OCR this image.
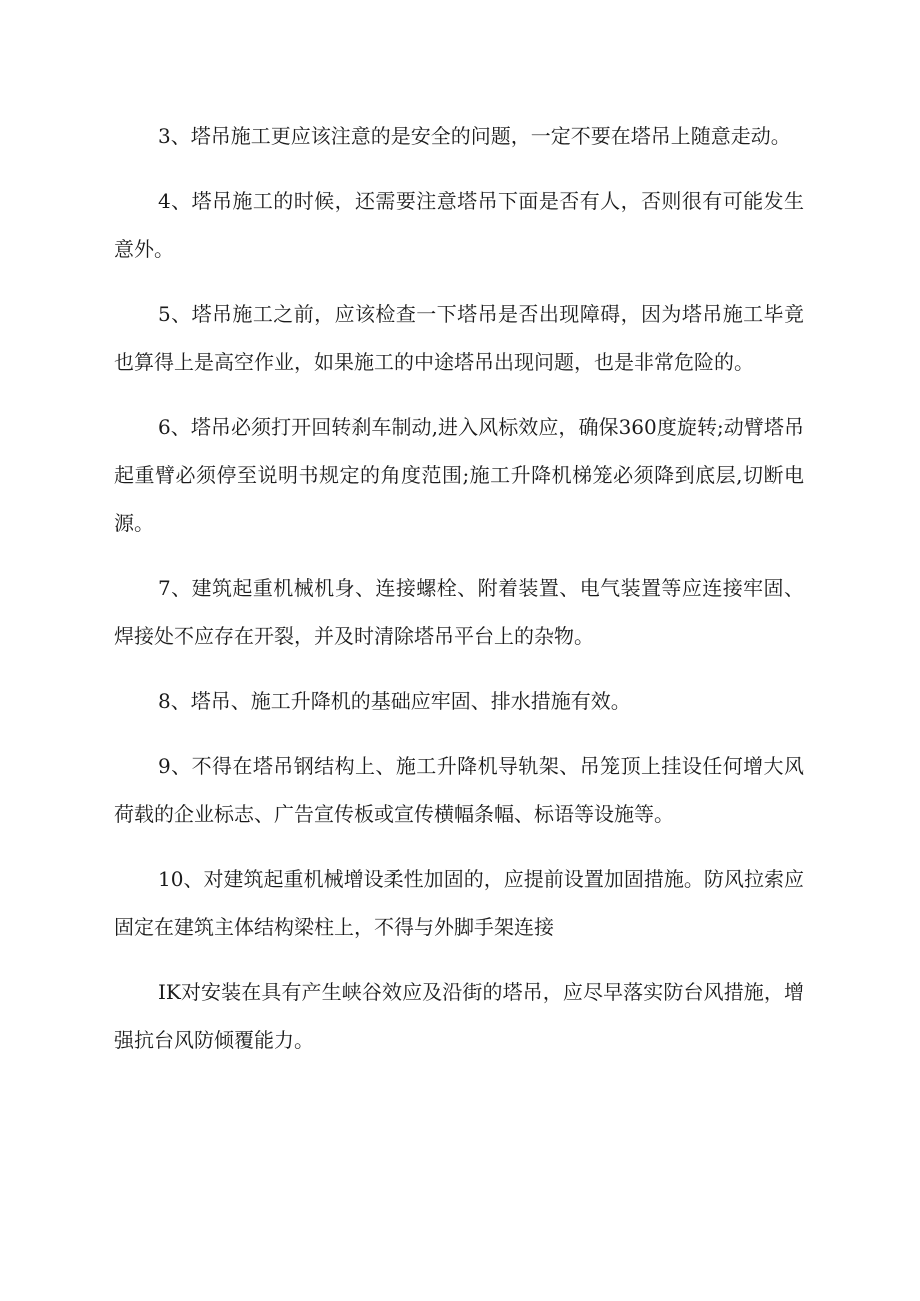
3、塔吊施工更应该注意的是安全的问题，一定不要在塔吊上随意走动。

4、塔吊施工的时候，还需要注意塔吊下面是否有人，否则很有可能发生意外。

5、塔吊施工之前，应该检查一下塔吊是否出现障碍，因为塔吊施工毕竟也算得上是高空作业，如果施工的中途塔吊出现问题，也是非常危险的。

6、塔吊必须打开回转刹车制动,进入风标效应，确保360度旋转;动臂塔吊起重臂必须停至说明书规定的角度范围;施工升降机梯笼必须降到底层,切断电源。

7、建筑起重机械机身、连接螺栓、附着装置、电气装置等应连接牢固、焊接处不应存在开裂，并及时清除塔吊平台上的杂物。

8、塔吊、施工升降机的基础应牢固、排水措施有效。

9、不得在塔吊钢结构上、施工升降机导轨架、吊笼顶上挂设任何增大风荷载的企业标志、广告宣传板或宣传横幅条幅、标语等设施等。

10、对建筑起重机械增设柔性加固的，应提前设置加固措施。防风拉索应固定在建筑主体结构梁柱上，不得与外脚手架连接

IK对安装在具有产生峡谷效应及沿街的塔吊，应尽早落实防台风措施，增强抗台风防倾覆能力。
